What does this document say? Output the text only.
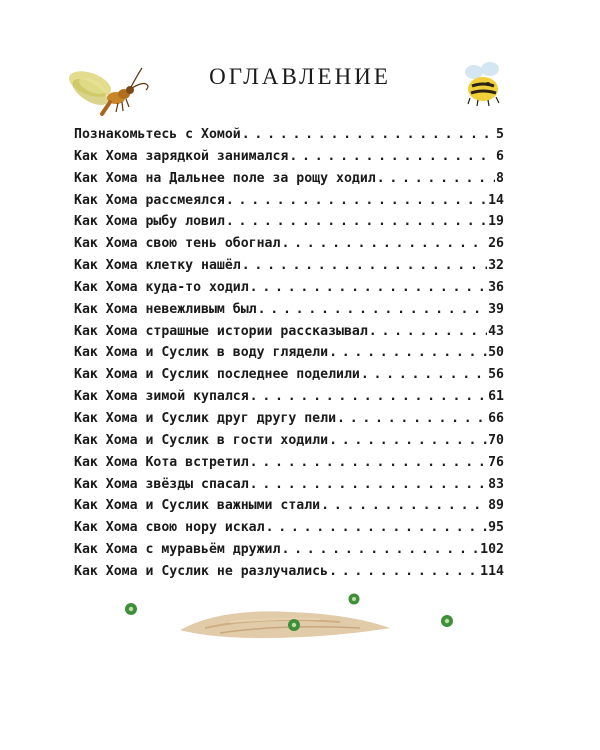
ОГЛАВЛЕНИЕ
Познакомьтесь с Хомой . . .	5
Как Хома зарядкой занимался . . .	6
Как Хома на Дальнее поле за рощу ходил . . .	8
Как Хома рассмеялся . . .	14
Как Хома рыбу ловил . . .	19
Как Хома свою тень обогнал . . .	26
Как Хома клетку нашёл . . .	32
Как Хома куда-то ходил . . .	36
Как Хома невежливым был . . .	39
Как Хома страшные истории рассказывал . . .	43
Как Хома и Суслик в воду глядели . . .	50
Как Хома и Суслик последнее поделили . . .	56
Как Хома зимой купался . . .	61
Как Хома и Суслик друг другу пели . . .	66
Как Хома и Суслик в гости ходили . . .	70
Как Хома Кота встретил . . .	76
Как Хома звёзды спасал . . .	83
Как Хома и Суслик важными стали . . .	89
Как Хома свою нору искал . . .	95
Как Хома с муравьём дружил . . .	102
Как Хома и Суслик не разлучались . . .	114
